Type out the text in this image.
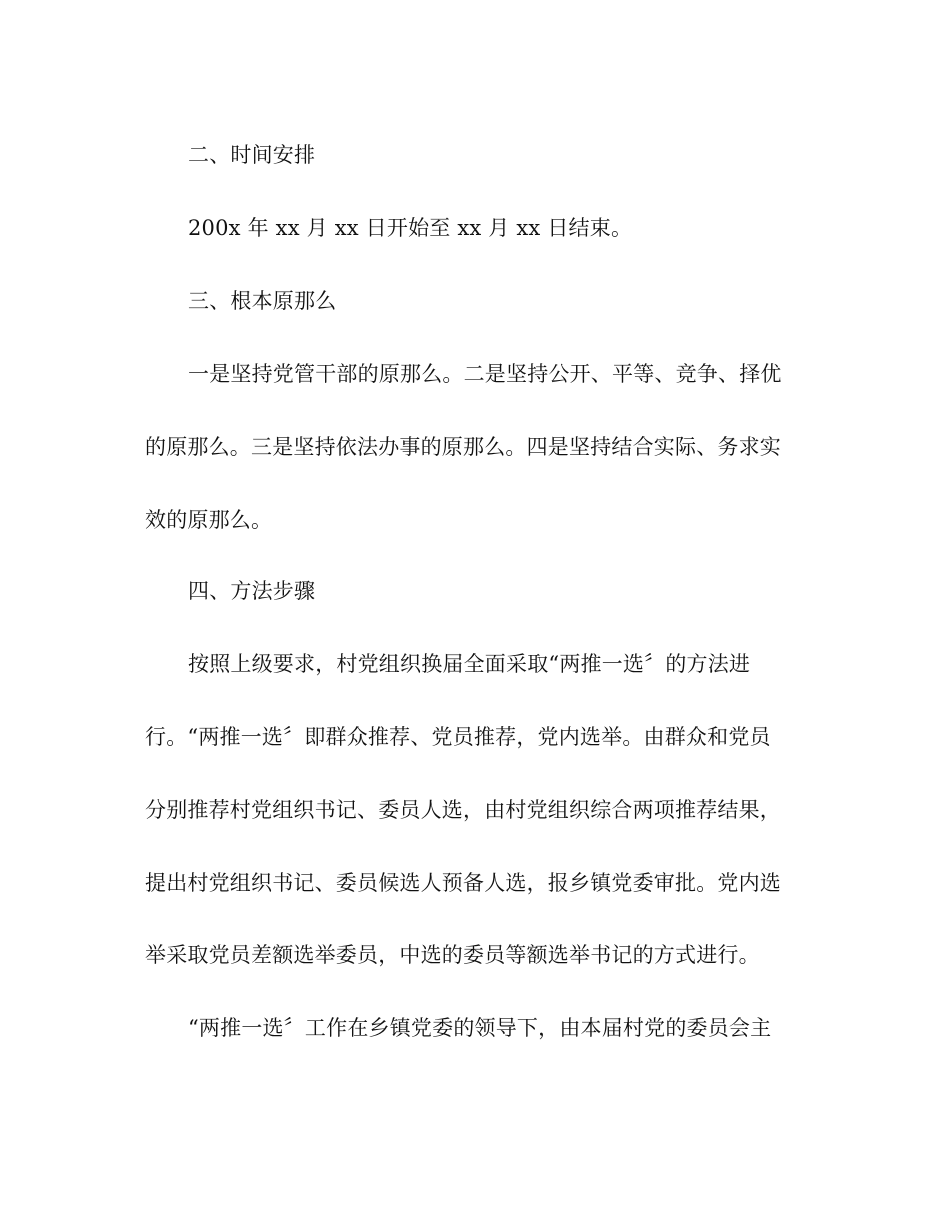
二、时间安排
200x 年 xx 月 xx 日开始至 xx 月 xx 日结束。
三、根本原那么
一是坚持党管干部的原那么。二是坚持公开、平等、竞争、择优
的原那么。三是坚持依法办事的原那么。四是坚持结合实际、务求实
效的原那么。
四、方法步骤
按照上级要求，村党组织换届全面采取“两推一选〞的方法进
行。“两推一选〞即群众推荐、党员推荐，党内选举。由群众和党员
分别推荐村党组织书记、委员人选，由村党组织综合两项推荐结果，
提出村党组织书记、委员候选人预备人选，报乡镇党委审批。党内选
举采取党员差额选举委员，中选的委员等额选举书记的方式进行。
“两推一选〞工作在乡镇党委的领导下，由本届村党的委员会主
